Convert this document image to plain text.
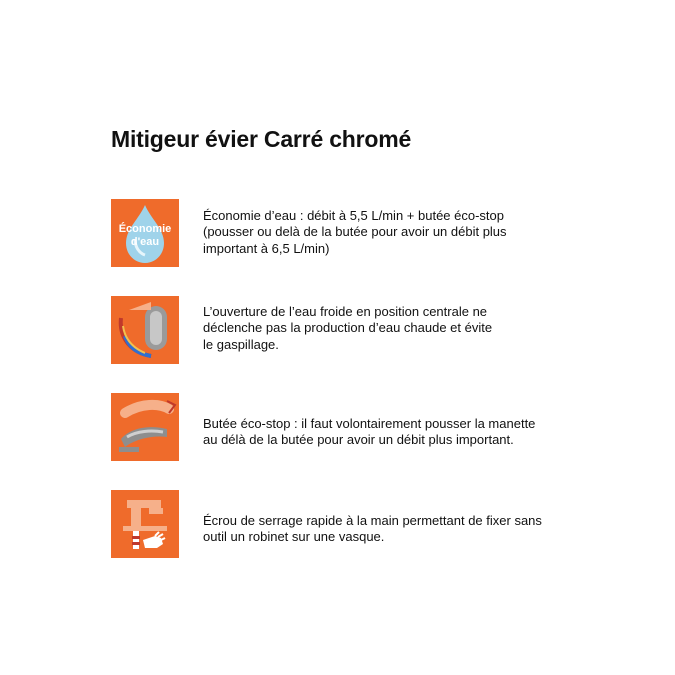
Mitigeur évier Carré chromé
Économie
d'eau
Économie d’eau : débit à 5,5 L/min + butée éco-stop
(pousser ou delà de la butée pour avoir un débit plus
important à 6,5 L/min)
L’ouverture de l’eau froide en position centrale ne
déclenche pas la production d’eau chaude et évite
le gaspillage.
Butée éco-stop : il faut volontairement pousser la manette
au délà de la butée pour avoir un débit plus important.
Écrou de serrage rapide à la main permettant de fixer sans
outil un robinet sur une vasque.
